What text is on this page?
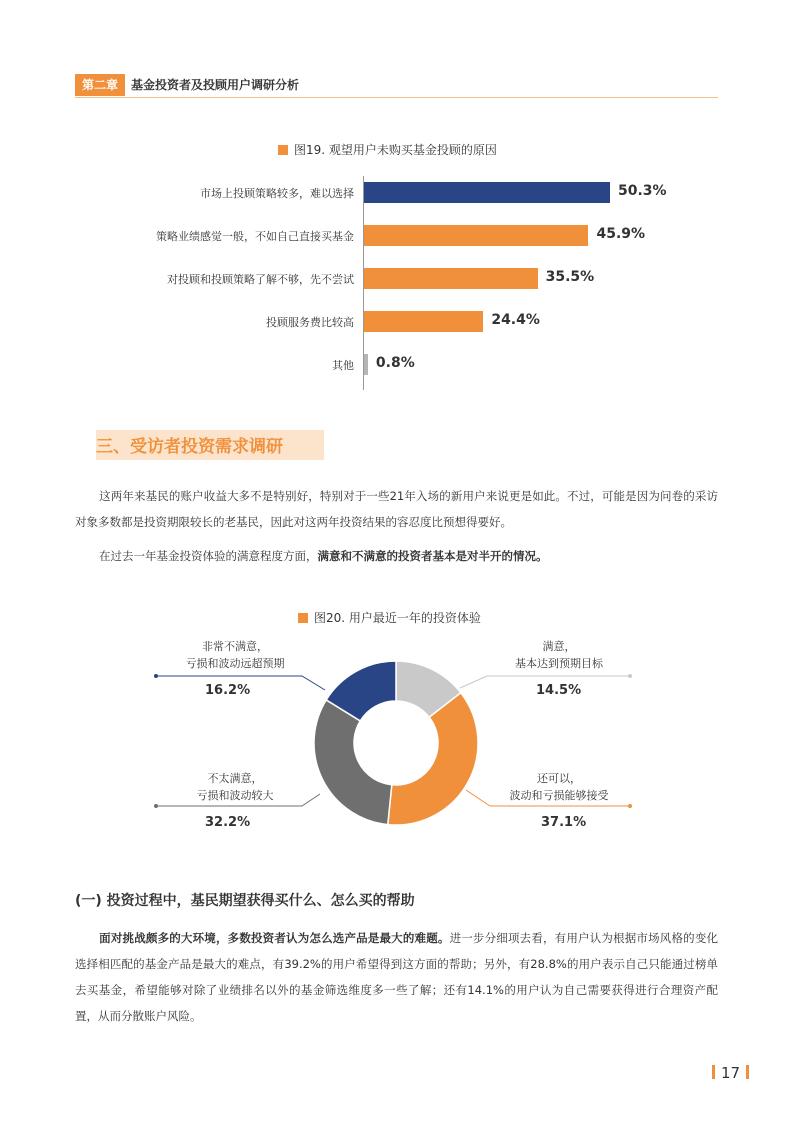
第二章	基金投资者及投顾用户调研分析
图19. 观望用户未购买基金投顾的原因
市场上投顾策略较多，难以选择	50.3%
策略业绩感觉一般，不如自己直接买基金	45.9%
对投顾和投顾策略了解不够，先不尝试	35.5%
投顾服务费比较高	24.4%
其他 0.8%
三、受访者投资需求调研
这两年来基民的账户收益大多不是特别好，特别对于一些21年入场的新用户来说更是如此。不过，可能是因为问卷的采访对象多数都是投资期限较长的老基民，因此对这两年投资结果的容忍度比预想得要好。
在过去一年基金投资体验的满意程度方面，满意和不满意的投资者基本是对半开的情况。
图20. 用户最近一年的投资体验
非常不满意，
亏损和波动远超预期
16.2%
满意，
基本达到预期目标
14.5%
不太满意，
亏损和波动较大
32.2%
还可以，
波动和亏损能够接受
37.1%
(一) 投资过程中，基民期望获得买什么、怎么买的帮助
面对挑战颇多的大环境，多数投资者认为怎么选产品是最大的难题。进一步分细项去看，有用户认为根据市场风格的变化选择相匹配的基金产品是最大的难点，有39.2%的用户希望得到这方面的帮助；另外，有28.8%的用户表示自己只能通过榜单去买基金，希望能够对除了业绩排名以外的基金筛选维度多一些了解；还有14.1%的用户认为自己需要获得进行合理资产配置，从而分散账户风险。
17
